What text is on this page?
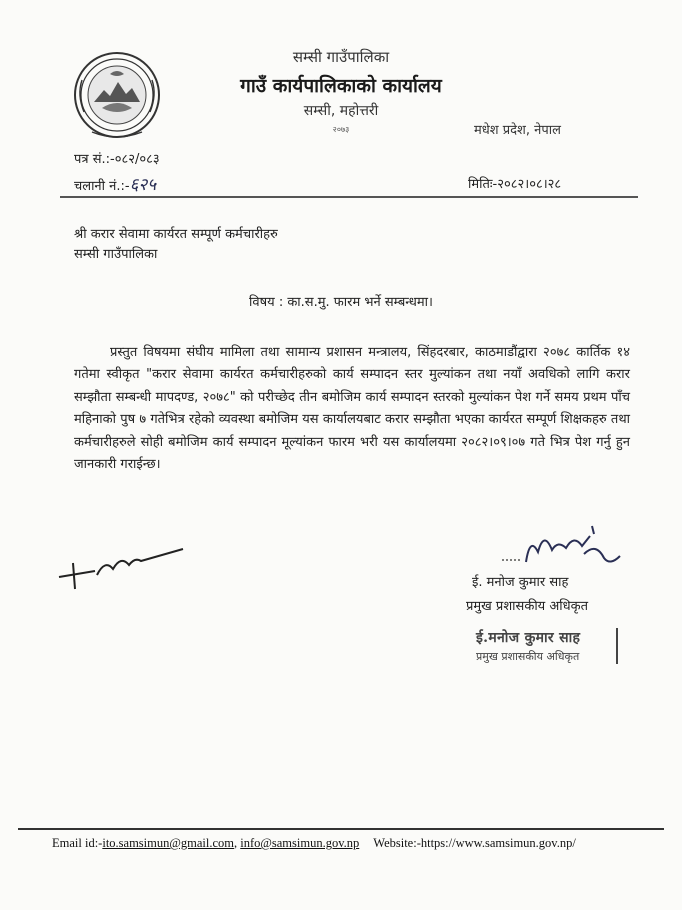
सम्सी गाउँपालिका
गाउँ कार्यपालिकाको कार्यालय
सम्सी, महोत्तरी
२०७३	मधेश प्रदेश, नेपाल
पत्र सं.:-०८२/०८३
चलानी नं.:-६२५	मितिः-२०८२।०८।२८
श्री करार सेवामा कार्यरत सम्पूर्ण कर्मचारीहरु
सम्सी गाउँपालिका
विषय : का.स.मु. फारम भर्ने सम्बन्धमा।

प्रस्तुत विषयमा संघीय मामिला तथा सामान्य प्रशासन मन्त्रालय, सिंहदरबार, काठमाडौंद्वारा २०७८ कार्तिक १४ गतेमा स्वीकृत "करार सेवामा कार्यरत कर्मचारीहरुको कार्य सम्पादन स्तर मुल्यांकन तथा नयाँ अवधिको लागि करार सम्झौता सम्बन्धी मापदण्ड, २०७८" को परीच्छेद तीन बमोजिम कार्य सम्पादन स्तरको मुल्यांकन पेश गर्ने समय प्रथम पाँच महिनाको पुष ७ गतेभित्र रहेको व्यवस्था बमोजिम यस कार्यालयबाट करार सम्झौता भएका कार्यरत सम्पूर्ण शिक्षकहरु तथा कर्मचारीहरुले सोही बमोजिम कार्य सम्पादन मूल्यांकन फारम भरी यस कार्यालयमा २०८२।०९।०७ गते भित्र पेश गर्नु हुन जानकारी गराईन्छ।

ई. मनोज कुमार साह
प्रमुख प्रशासकीय अधिकृत
ई.मनोज कुमार साह
प्रमुख प्रशासकीय अधिकृत
Email id:-ito.samsimun@gmail.com, info@samsimun.gov.np Website:-https://www.samsimun.gov.np/
